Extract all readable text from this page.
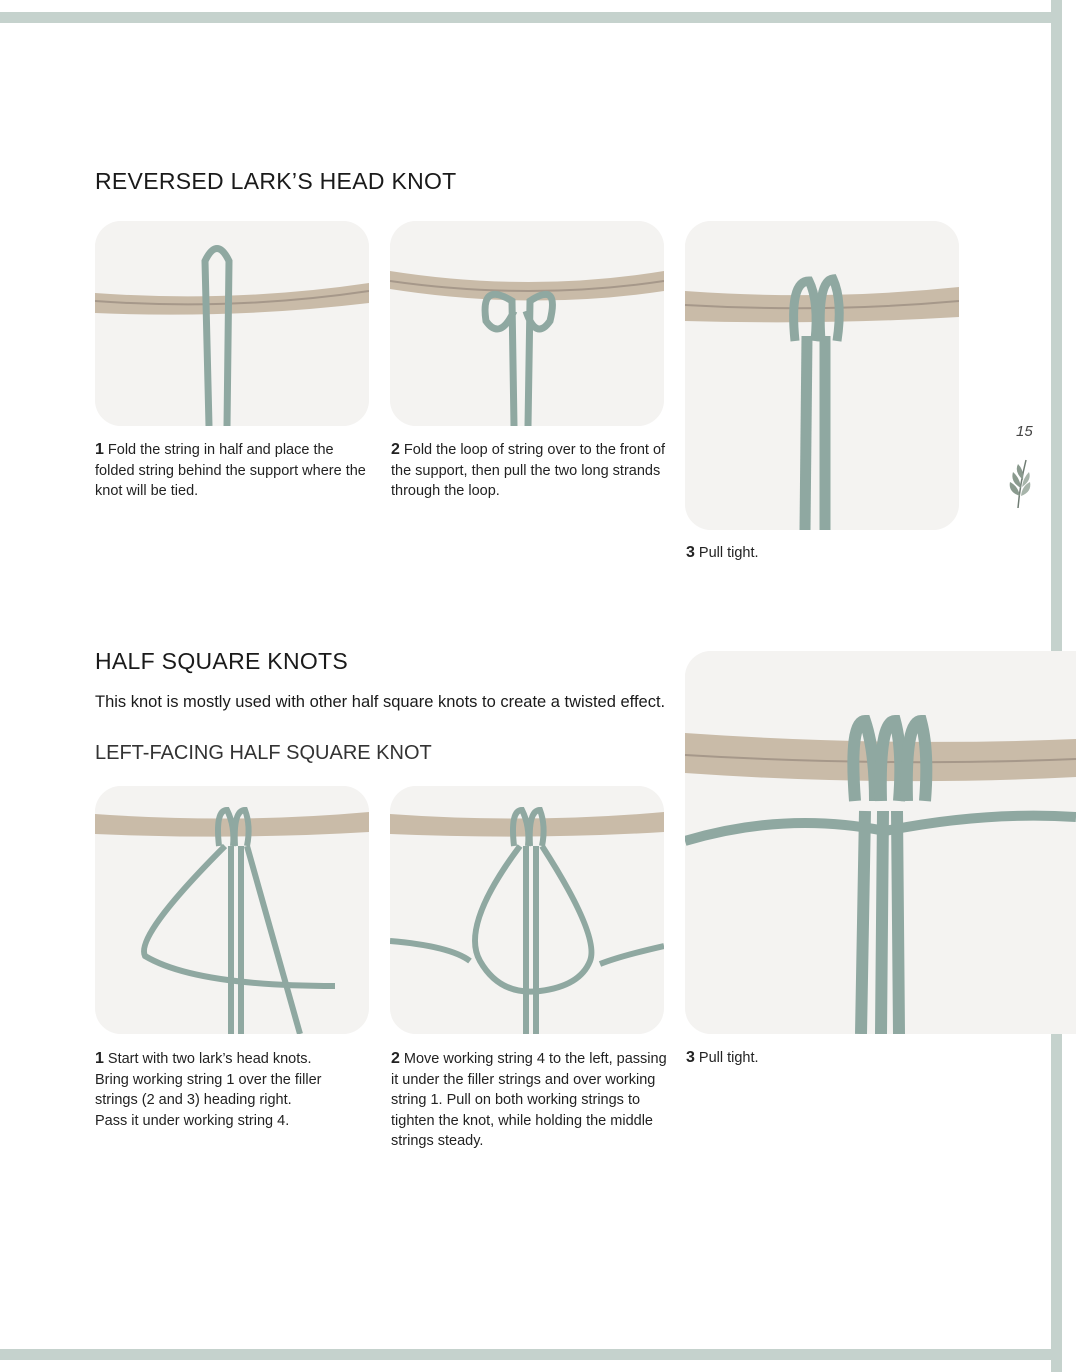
REVERSED LARK’S HEAD KNOT

1 Fold the string in half and place the folded string behind the support where the knot will be tied.

2 Fold the loop of string over to the front of the support, then pull the two long strands through the loop.

3 Pull tight.

15
HALF SQUARE KNOTS

This knot is mostly used with other half square knots to create a twisted effect.

LEFT-FACING HALF SQUARE KNOT

1 Start with two lark’s head knots. Bring working string 1 over the filler strings (2 and 3) heading right. Pass it under working string 4.

2 Move working string 4 to the left, passing it under the filler strings and over working string 1. Pull on both working strings to tighten the knot, while holding the middle strings steady.

3 Pull tight.
